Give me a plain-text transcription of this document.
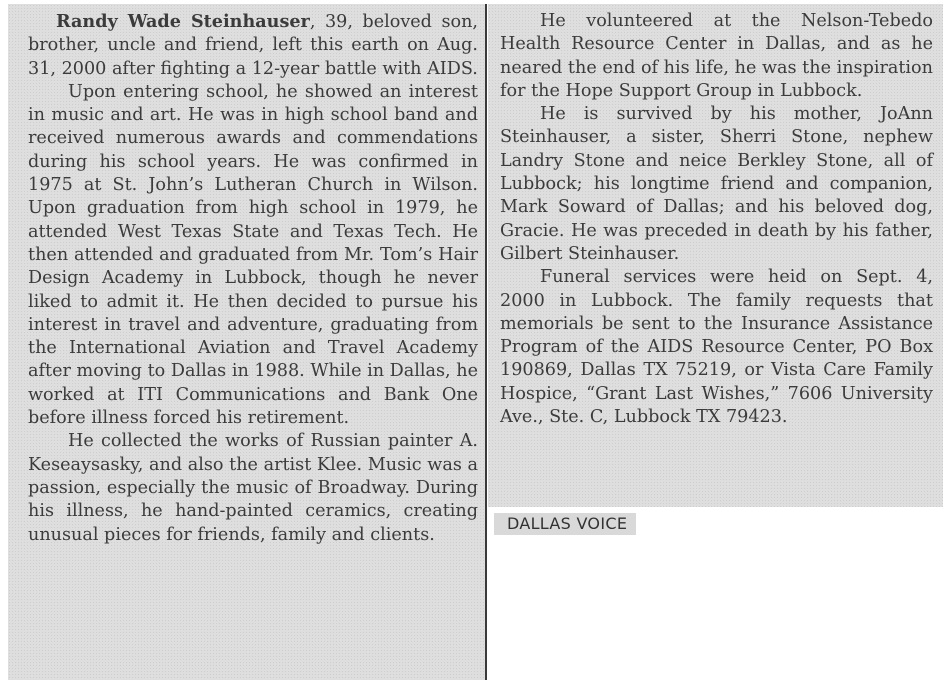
Randy Wade Steinhauser, 39, beloved son, brother, uncle and friend, left this earth on Aug. 31, 2000 after fighting a 12-year battle with AIDS.

Upon entering school, he showed an interest in music and art. He was in high school band and received numerous awards and commendations during his school years. He was confirmed in 1975 at St. John’s Lutheran Church in Wilson. Upon graduation from high school in 1979, he attended West Texas State and Texas Tech. He then attended and graduated from Mr. Tom’s Hair Design Academy in Lubbock, though he never liked to admit it. He then decided to pursue his interest in travel and adventure, graduating from the International Aviation and Travel Academy after moving to Dallas in 1988. While in Dallas, he worked at ITI Communications and Bank One before illness forced his retirement.

He collected the works of Russian painter A. Keseaysasky, and also the artist Klee. Music was a passion, especially the music of Broadway. During his illness, he hand-painted ceramics, creating unusual pieces for friends, family and clients.

He volunteered at the Nelson-Tebedo Health Resource Center in Dallas, and as he neared the end of his life, he was the inspiration for the Hope Support Group in Lubbock.

He is survived by his mother, JoAnn Steinhauser, a sister, Sherri Stone, nephew Landry Stone and neice Berkley Stone, all of Lubbock; his longtime friend and companion, Mark Soward of Dallas; and his beloved dog, Gracie. He was preceded in death by his father, Gilbert Steinhauser.

Funeral services were heid on Sept. 4, 2000 in Lubbock. The family requests that memorials be sent to the Insurance Assistance Program of the AIDS Resource Center, PO Box 190869, Dallas TX 75219, or Vista Care Family Hospice, “Grant Last Wishes,” 7606 University Ave., Ste. C, Lubbock TX 79423.

DALLAS VOICE
